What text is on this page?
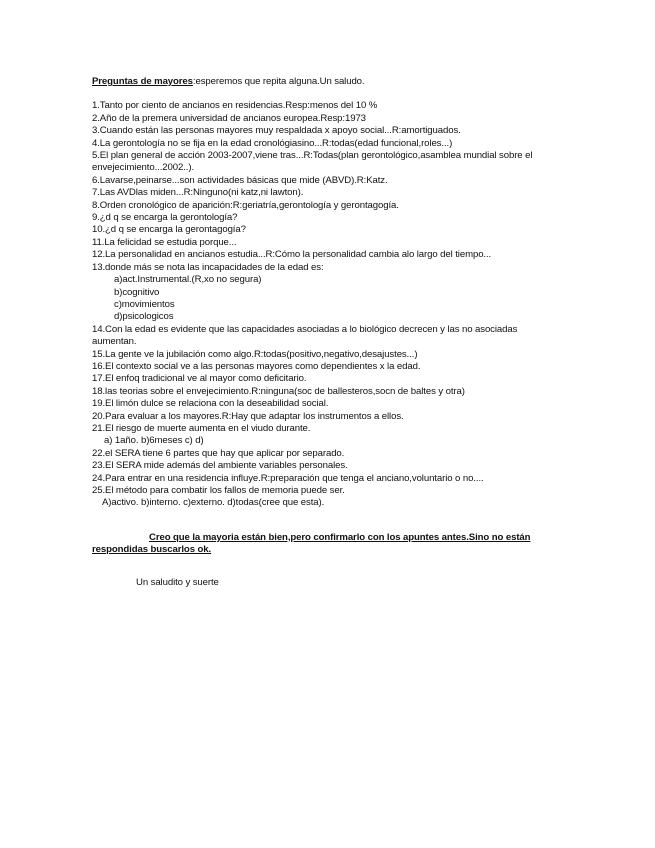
Preguntas de mayores:esperemos que repita alguna.Un saludo.

1.Tanto por ciento de ancianos en residencias.Resp:menos del 10 %

2.Año de la premera universidad de ancianos europea.Resp:1973

3.Cuando están las personas mayores muy respaldada x apoyo social...R:amortiguados.

4.La gerontología no se fija en la edad cronológiasino...R:todas(edad funcional,roles...)

5.El plan general de acción 2003-2007,viene tras...R:Todas(plan gerontológico,asamblea mundial sobre el envejecimiento...2002..).

6.Lavarse,peinarse...son actividades básicas que mide (ABVD).R:Katz.

7.Las AVDlas miden...R:Ninguno(ni katz,ni lawton).

8.Orden cronológico de aparición:R:geriatría,gerontología y gerontagogía.

9.¿d q se encarga la gerontología?

10.¿d q se encarga la gerontagogía?

11.La felicidad se estudia porque...

12.La personalidad en ancianos estudia...R:Cómo la personalidad cambia alo largo del tiempo...

13.donde más se nota las incapacidades de la edad es:

a)act.Instrumental.(R,xo no segura)

b)cognitivo

c)movimientos

d)psicologicos

14.Con la edad es evidente que las capacidades asociadas a lo biológico decrecen y las no asociadas aumentan.

15.La gente ve la jubilación como algo.R:todas(positivo,negativo,desajustes...)

16.El contexto social ve a las personas mayores como dependientes x la edad.

17.El enfoq tradicional ve al mayor como deficitario.

18.las teorias sobre el envejecimiento.R:ninguna(soc de ballesteros,socn de baltes y otra)

19.El limón dulce se relaciona con la deseabilidad social.

20.Para evaluar a los mayores.R:Hay que adaptar los instrumentos a ellos.

21.El riesgo de muerte aumenta en el viudo durante.

a) 1año. b)6meses c) d)

22.el SERA tiene 6 partes que hay que aplicar por separado.

23.El SERA mide además del ambiente variables personales.

24.Para entrar en una residencia influye.R:preparación que tenga el anciano,voluntario o no....

25.El método para combatir los fallos de memoria puede ser.

A)activo. b)interno. c)externo. d)todas(cree que esta).

Creo que la mayoria están bien,pero confirmarlo con los apuntes antes.Sino no están respondidas buscarlos ok.

Un saludito y suerte
